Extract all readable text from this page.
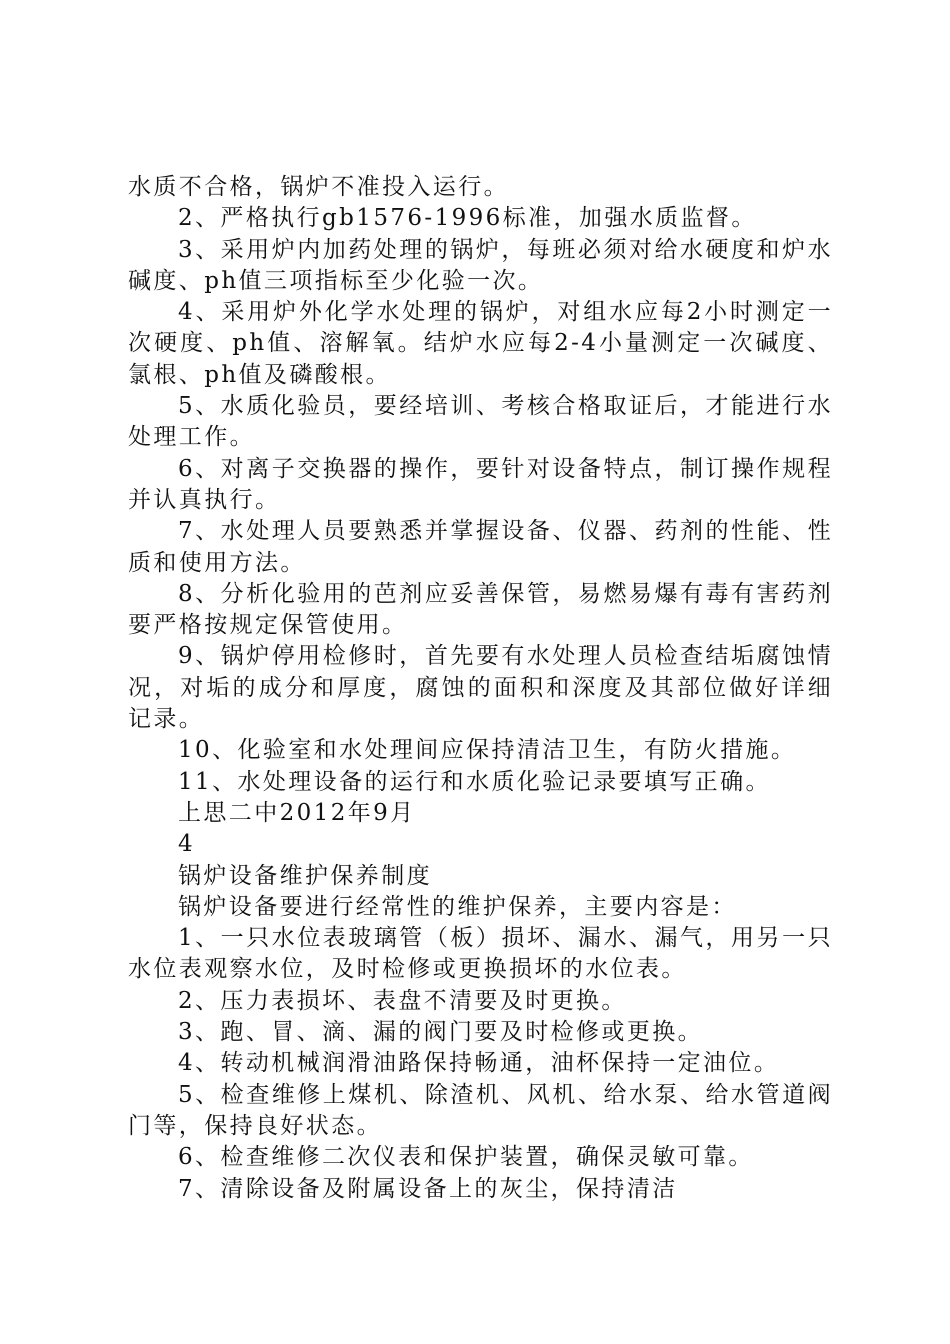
水质不合格，锅炉不准投入运行。

2、严格执行gb1576-1996标准，加强水质监督。

3、采用炉内加药处理的锅炉，每班必须对给水硬度和炉水碱度、ph值三项指标至少化验一次。

4、采用炉外化学水处理的锅炉，对组水应每2小时测定一次硬度、ph值、溶解氧。结炉水应每2-4小量测定一次碱度、氯根、ph值及磷酸根。

5、水质化验员，要经培训、考核合格取证后，才能进行水处理工作。

6、对离子交换器的操作，要针对设备特点，制订操作规程并认真执行。

7、水处理人员要熟悉并掌握设备、仪器、药剂的性能、性质和使用方法。

8、分析化验用的芭剂应妥善保管，易燃易爆有毒有害药剂要严格按规定保管使用。

9、锅炉停用检修时，首先要有水处理人员检查结垢腐蚀情况，对垢的成分和厚度，腐蚀的面积和深度及其部位做好详细记录。

10、化验室和水处理间应保持清洁卫生，有防火措施。

11、水处理设备的运行和水质化验记录要填写正确。

上思二中2012年9月

4

锅炉设备维护保养制度

锅炉设备要进行经常性的维护保养，主要内容是：

1、一只水位表玻璃管（板）损坏、漏水、漏气，用另一只水位表观察水位，及时检修或更换损坏的水位表。

2、压力表损坏、表盘不清要及时更换。

3、跑、冒、滴、漏的阀门要及时检修或更换。

4、转动机械润滑油路保持畅通，油杯保持一定油位。

5、检查维修上煤机、除渣机、风机、给水泵、给水管道阀门等，保持良好状态。

6、检查维修二次仪表和保护装置，确保灵敏可靠。

7、清除设备及附属设备上的灰尘，保持清洁
